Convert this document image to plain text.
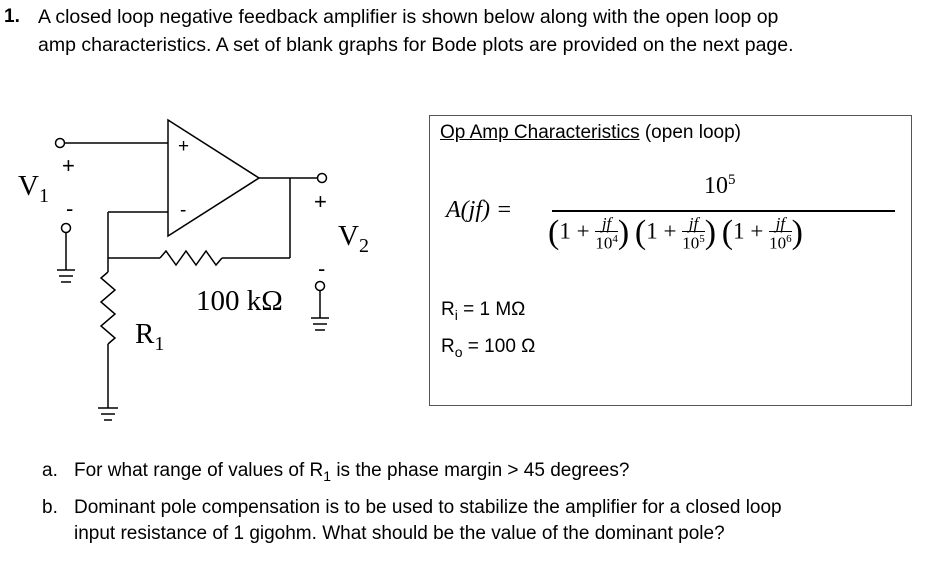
1. A closed loop negative feedback amplifier is shown below along with the open loop op
amp characteristics. A set of blank graphs for Bode plots are provided on the next page.
+
-
+
-	+
-
$V_1$
$V_2$
$R_1$
100 kΩ
Op Amp Characteristics (open loop)
A(jf) =
$10^5$
($1 + \frac{jf}{10^4}$ ) ($1 + \frac{jf}{10^5}$ ) ($1 + \frac{jf}{10^6}$ )
$R_i = 1$ MΩ
$R_o = 100$ Ω
a. For what range of values of $R_1$ is the phase margin > 45 degrees?
b. Dominant pole compensation is to be used to stabilize the amplifier for a closed loop
input resistance of 1 gigohm. What should be the value of the dominant pole?
